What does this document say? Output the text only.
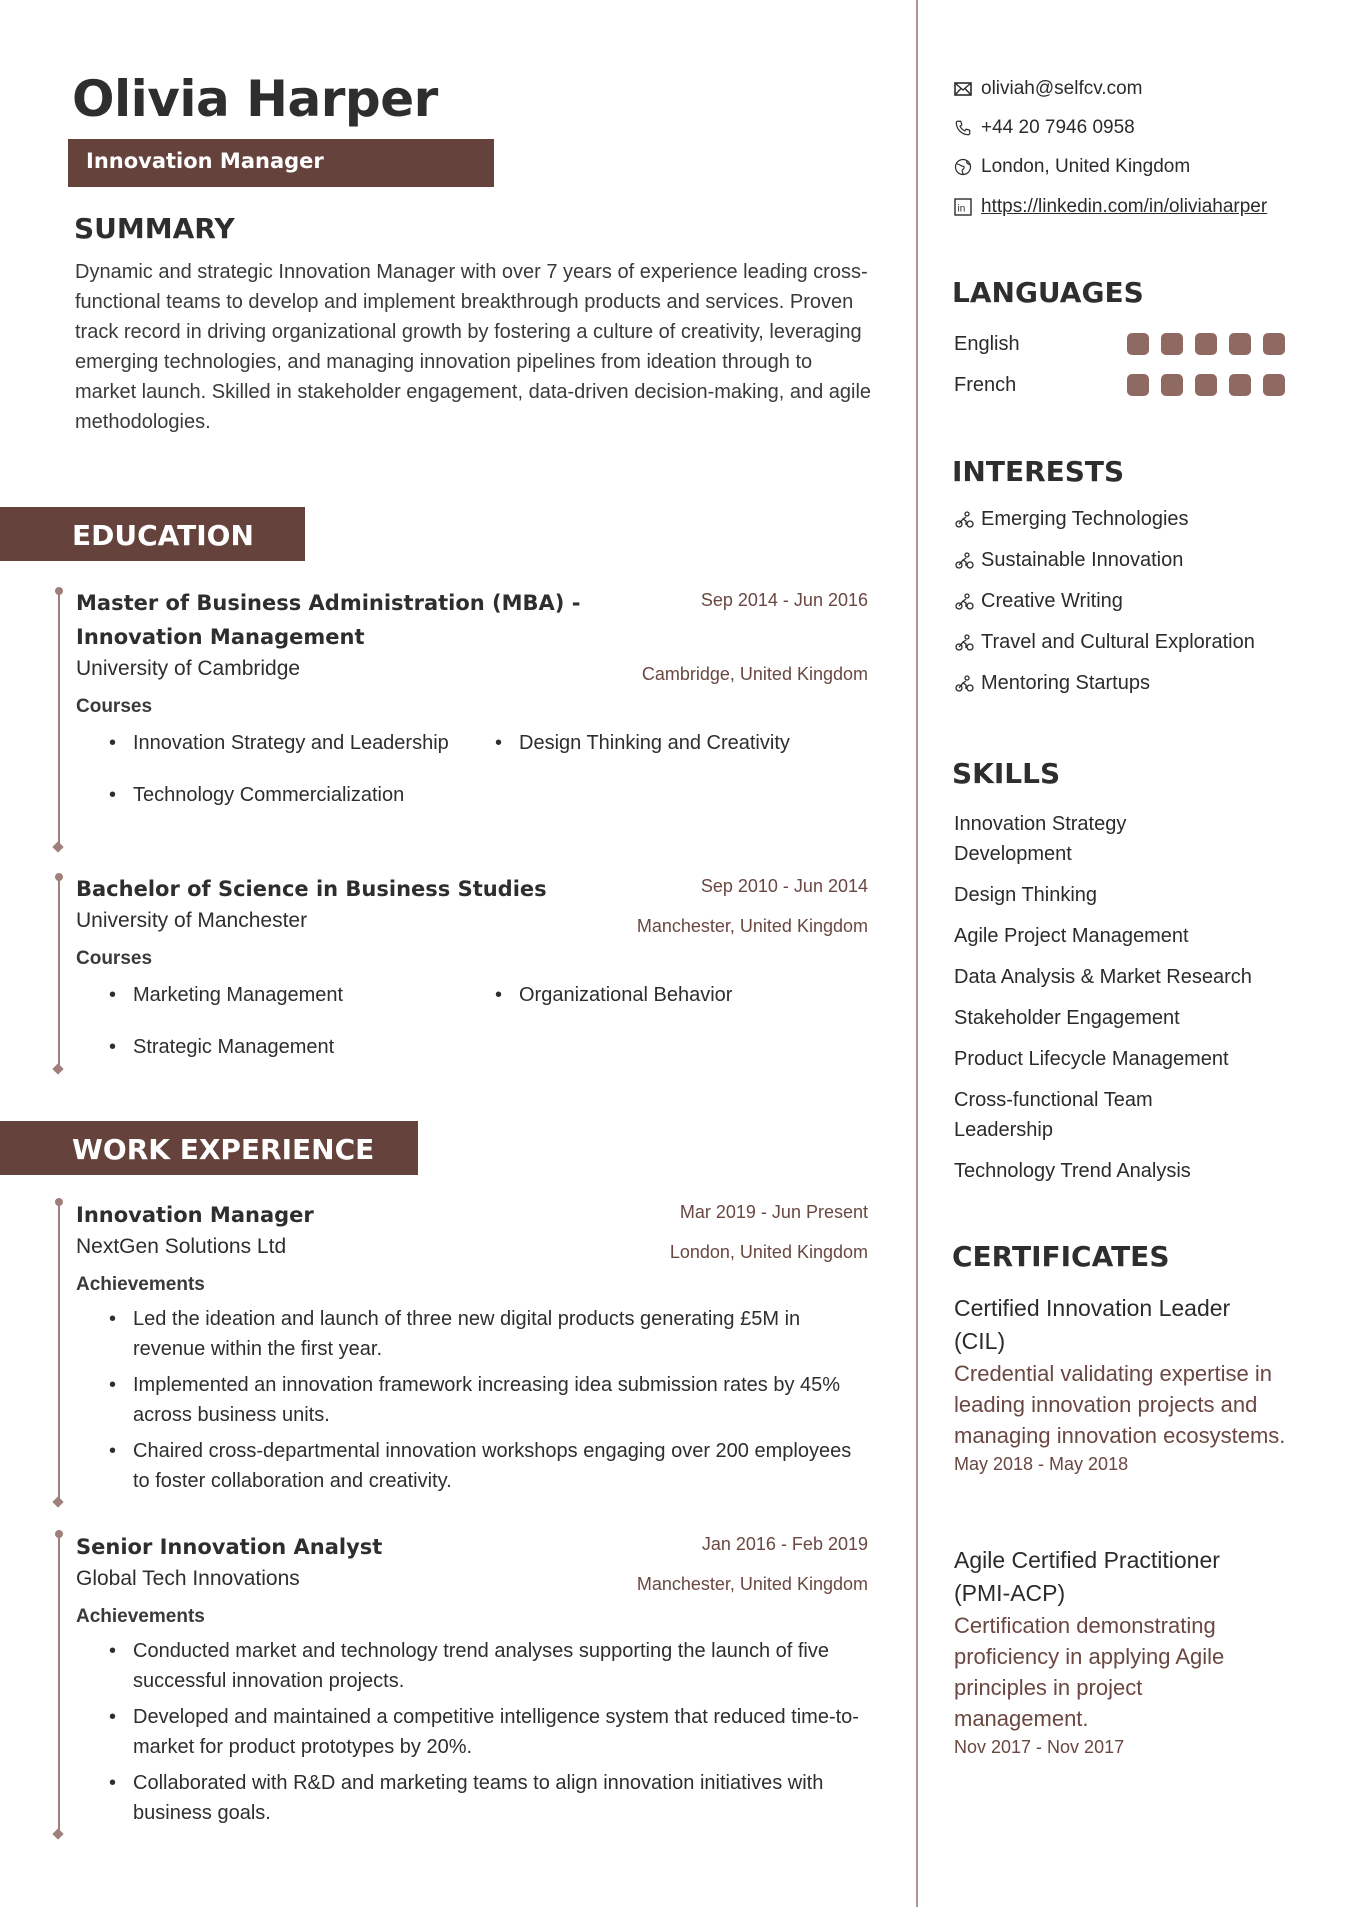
Olivia Harper
Innovation Manager
SUMMARY
Dynamic and strategic Innovation Manager with over 7 years of experience leading cross-functional teams to develop and implement breakthrough products and services. Proven track record in driving organizational growth by fostering a culture of creativity, leveraging emerging technologies, and managing innovation pipelines from ideation through to market launch. Skilled in stakeholder engagement, data-driven decision-making, and agile methodologies.
EDUCATION
Sep 2014 - Jun 2016
Master of Business Administration (MBA) - Innovation Management
Cambridge, United Kingdom
University of Cambridge
Courses
• Innovation Strategy and Leadership	• Design Thinking and Creativity
• Technology Commercialization
Sep 2010 - Jun 2014
Bachelor of Science in Business Studies
Manchester, United Kingdom
University of Manchester
Courses
• Marketing Management	• Organizational Behavior
• Strategic Management
WORK EXPERIENCE
Mar 2019 - Jun Present
Innovation Manager
London, United Kingdom
NextGen Solutions Ltd
Achievements
• Led the ideation and launch of three new digital products generating £5M in revenue within the first year.
• Implemented an innovation framework increasing idea submission rates by 45% across business units.
• Chaired cross-departmental innovation workshops engaging over 200 employees to foster collaboration and creativity.
Jan 2016 - Feb 2019
Senior Innovation Analyst
Manchester, United Kingdom
Global Tech Innovations
Achievements
• Conducted market and technology trend analyses supporting the launch of five successful innovation projects.
• Developed and maintained a competitive intelligence system that reduced time-to-market for product prototypes by 20%.
• Collaborated with R&D and marketing teams to align innovation initiatives with business goals.
oliviah@selfcv.com
+44 20 7946 0958
London, United Kingdom
in https://linkedin.com/in/oliviaharper
LANGUAGES
English
French
INTERESTS
Emerging Technologies
Sustainable Innovation
Creative Writing
Travel and Cultural Exploration
Mentoring Startups
SKILLS
Innovation Strategy Development
Design Thinking
Agile Project Management
Data Analysis & Market Research
Stakeholder Engagement
Product Lifecycle Management
Cross-functional Team Leadership
Technology Trend Analysis
CERTIFICATES
Certified Innovation Leader (CIL)
Credential validating expertise in leading innovation projects and managing innovation ecosystems.
May 2018 - May 2018
Agile Certified Practitioner (PMI-ACP)
Certification demonstrating proficiency in applying Agile principles in project management.
Nov 2017 - Nov 2017
